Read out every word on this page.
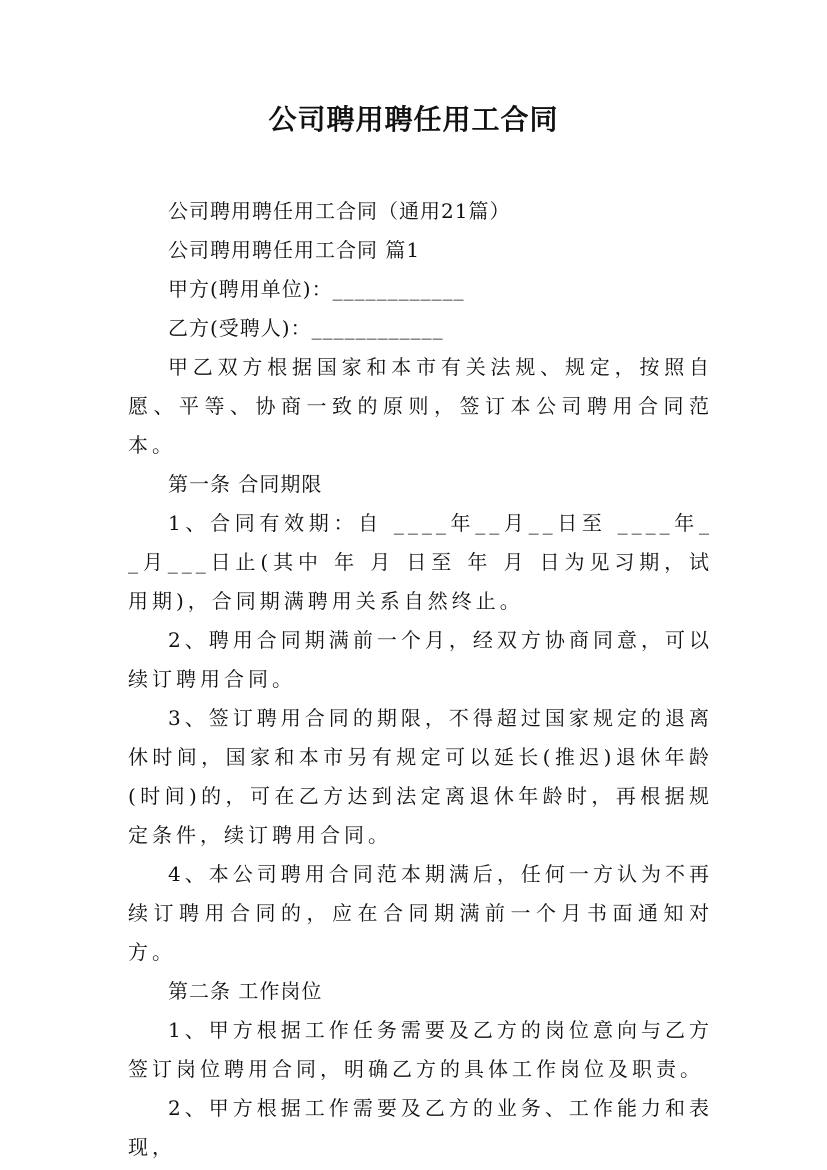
公司聘用聘任用工合同

公司聘用聘任用工合同（通用21篇）

公司聘用聘任用工合同 篇1

甲方(聘用单位)：____________

乙方(受聘人)：____________

甲乙双方根据国家和本市有关法规、规定，按照自愿、平等、协商一致的原则，签订本公司聘用合同范本。

第一条 合同期限

1、合同有效期：自 ____年__月__日至 ____年__月___日止(其中 年 月 日至 年 月 日为见习期，试用期)，合同期满聘用关系自然终止。

2、聘用合同期满前一个月，经双方协商同意，可以续订聘用合同。

3、签订聘用合同的期限，不得超过国家规定的退离休时间，国家和本市另有规定可以延长(推迟)退休年龄(时间)的，可在乙方达到法定离退休年龄时，再根据规定条件，续订聘用合同。

4、本公司聘用合同范本期满后，任何一方认为不再续订聘用合同的，应在合同期满前一个月书面通知对方。

第二条 工作岗位

1、甲方根据工作任务需要及乙方的岗位意向与乙方签订岗位聘用合同，明确乙方的具体工作岗位及职责。

2、甲方根据工作需要及乙方的业务、工作能力和表现，
